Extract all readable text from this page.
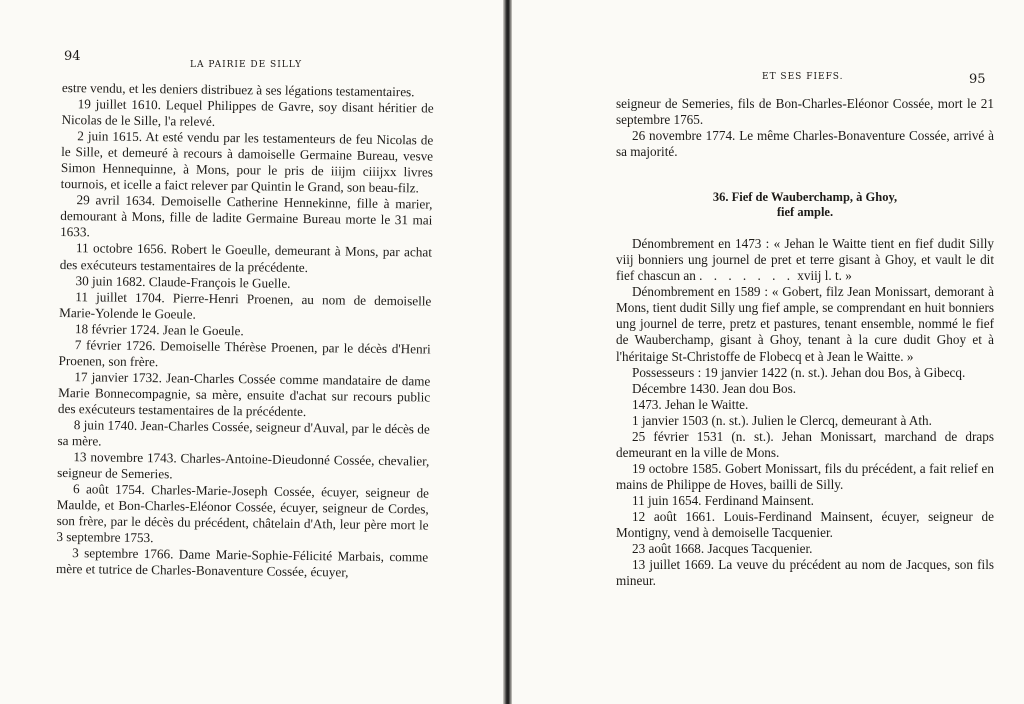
94
LA PAIRIE DE SILLY

estre vendu, et les deniers distribuez à ses légations testamentaires.

19 juillet 1610. Lequel Philippes de Gavre, soy disant héritier de Nicolas de le Sille, l'a relevé.

2 juin 1615. At esté vendu par les testamenteurs de feu Nicolas de le Sille, et demeuré à recours à damoiselle Germaine Bureau, vesve Simon Hennequinne, à Mons, pour le pris de iiijm ciiijxx livres tournois, et icelle a faict relever par Quintin le Grand, son beau-filz.

29 avril 1634. Demoiselle Catherine Hennekinne, fille à marier, demourant à Mons, fille de ladite Germaine Bureau morte le 31 mai 1633.

11 octobre 1656. Robert le Goeulle, demeurant à Mons, par achat des exécuteurs testamentaires de la précédente.

30 juin 1682. Claude-François le Guelle.

11 juillet 1704. Pierre-Henri Proenen, au nom de demoiselle Marie-Yolende le Goeule.

18 février 1724. Jean le Goeule.

7 février 1726. Demoiselle Thérèse Proenen, par le décès d'Henri Proenen, son frère.

17 janvier 1732. Jean-Charles Cossée comme mandataire de dame Marie Bonnecompagnie, sa mère, ensuite d'achat sur recours public des exécuteurs testamentaires de la précédente.

8 juin 1740. Jean-Charles Cossée, seigneur d'Auval, par le décès de sa mère.

13 novembre 1743. Charles-Antoine-Dieudonné Cossée, chevalier, seigneur de Semeries.

6 août 1754. Charles-Marie-Joseph Cossée, écuyer, seigneur de Maulde, et Bon-Charles-Eléonor Cossée, écuyer, seigneur de Cordes, son frère, par le décès du précédent, châtelain d'Ath, leur père mort le 3 septembre 1753.

3 septembre 1766. Dame Marie-Sophie-Félicité Marbais, comme mère et tutrice de Charles-Bonaventure Cossée, écuyer,

ET SES FIEFS.	95

seigneur de Semeries, fils de Bon-Charles-Eléonor Cossée, mort le 21 septembre 1765.

26 novembre 1774. Le même Charles-Bonaventure Cossée, arrivé à sa majorité.

36. Fief de Wauberchamp, à Ghoy,
fief ample.

Dénombrement en 1473 : « Jehan le Waitte tient en fief dudit Silly viij bonniers ung journel de pret et terre gisant à Ghoy, et vault le dit fief chascun an . . . . . . . xviij l. t. »

Dénombrement en 1589 : « Gobert, filz Jean Monissart, demorant à Mons, tient dudit Silly ung fief ample, se comprendant en huit bonniers ung journel de terre, pretz et pastures, tenant ensemble, nommé le fief de Wauberchamp, gisant à Ghoy, tenant à la cure dudit Ghoy et à l'héritaige St-Christoffe de Flobecq et à Jean le Waitte. »

Possesseurs : 19 janvier 1422 (n. st.). Jehan dou Bos, à Gibecq.

Décembre 1430. Jean dou Bos.

1473. Jehan le Waitte.

1 janvier 1503 (n. st.). Julien le Clercq, demeurant à Ath.

25 février 1531 (n. st.). Jehan Monissart, marchand de draps demeurant en la ville de Mons.

19 octobre 1585. Gobert Monissart, fils du précédent, a fait relief en mains de Philippe de Hoves, bailli de Silly.

11 juin 1654. Ferdinand Mainsent.

12 août 1661. Louis-Ferdinand Mainsent, écuyer, seigneur de Montigny, vend à demoiselle Tacquenier.

23 août 1668. Jacques Tacquenier.

13 juillet 1669. La veuve du précédent au nom de Jacques, son fils mineur.
